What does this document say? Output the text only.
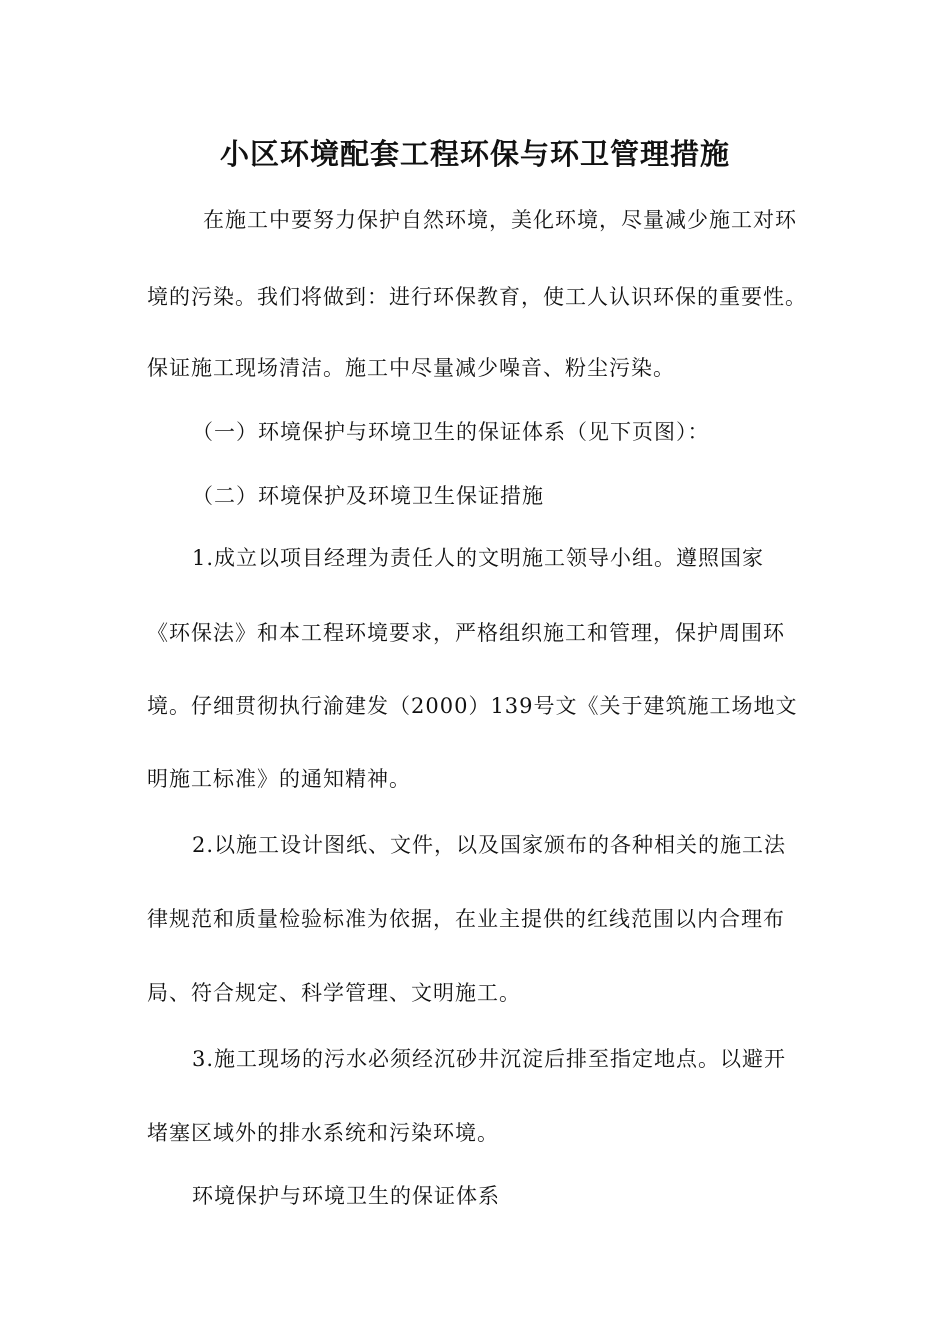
小区环境配套工程环保与环卫管理措施
在施工中要努力保护自然环境，美化环境，尽量减少施工对环
境的污染。我们将做到：进行环保教育，使工人认识环保的重要性。
保证施工现场清洁。施工中尽量减少噪音、粉尘污染。
（一）环境保护与环境卫生的保证体系（见下页图）：
（二）环境保护及环境卫生保证措施
1.成立以项目经理为责任人的文明施工领导小组。遵照国家
《环保法》和本工程环境要求，严格组织施工和管理，保护周围环
境。仔细贯彻执行渝建发（2000）139号文《关于建筑施工场地文
明施工标准》的通知精神。
2.以施工设计图纸、文件，以及国家颁布的各种相关的施工法
律规范和质量检验标准为依据，在业主提供的红线范围以内合理布
局、符合规定、科学管理、文明施工。
3.施工现场的污水必须经沉砂井沉淀后排至指定地点。以避开
堵塞区域外的排水系统和污染环境。
环境保护与环境卫生的保证体系
